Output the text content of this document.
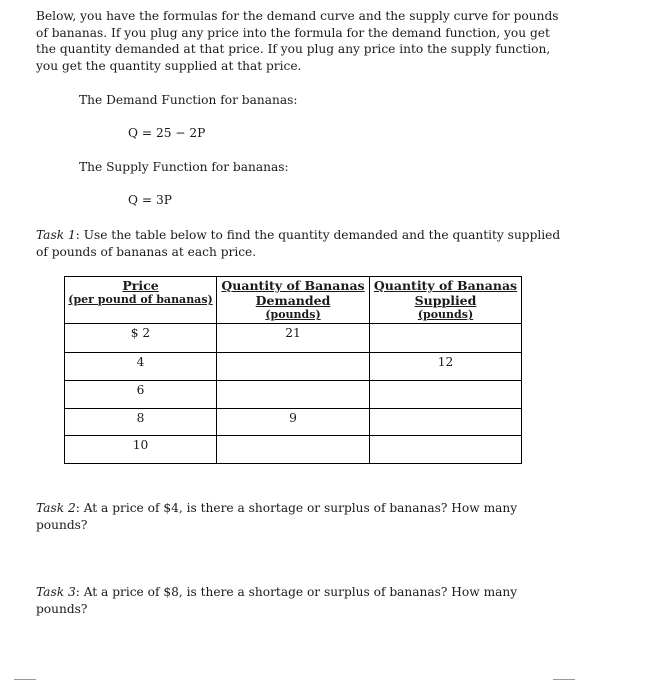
Below, you have the formulas for the demand curve and the supply curve for pounds of bananas. If you plug any price into the formula for the demand function, you get the quantity demanded at that price. If you plug any price into the supply function, you get the quantity supplied at that price.
The Demand Function for bananas:
Q = 25 − 2P
The Supply Function for bananas:
Q = 3P
Task 1: Use the table below to find the quantity demanded and the quantity supplied of pounds of bananas at each price.
Price
(per pound of bananas)	Quantity of Bananas
Demanded
(pounds)	Quantity of Bananas
Supplied
(pounds)

$ 2	21	

4		12

6		

8	9	

10		

Task 2: At a price of $4, is there a shortage or surplus of bananas? How many pounds?
Task 3: At a price of $8, is there a shortage or surplus of bananas? How many pounds?
